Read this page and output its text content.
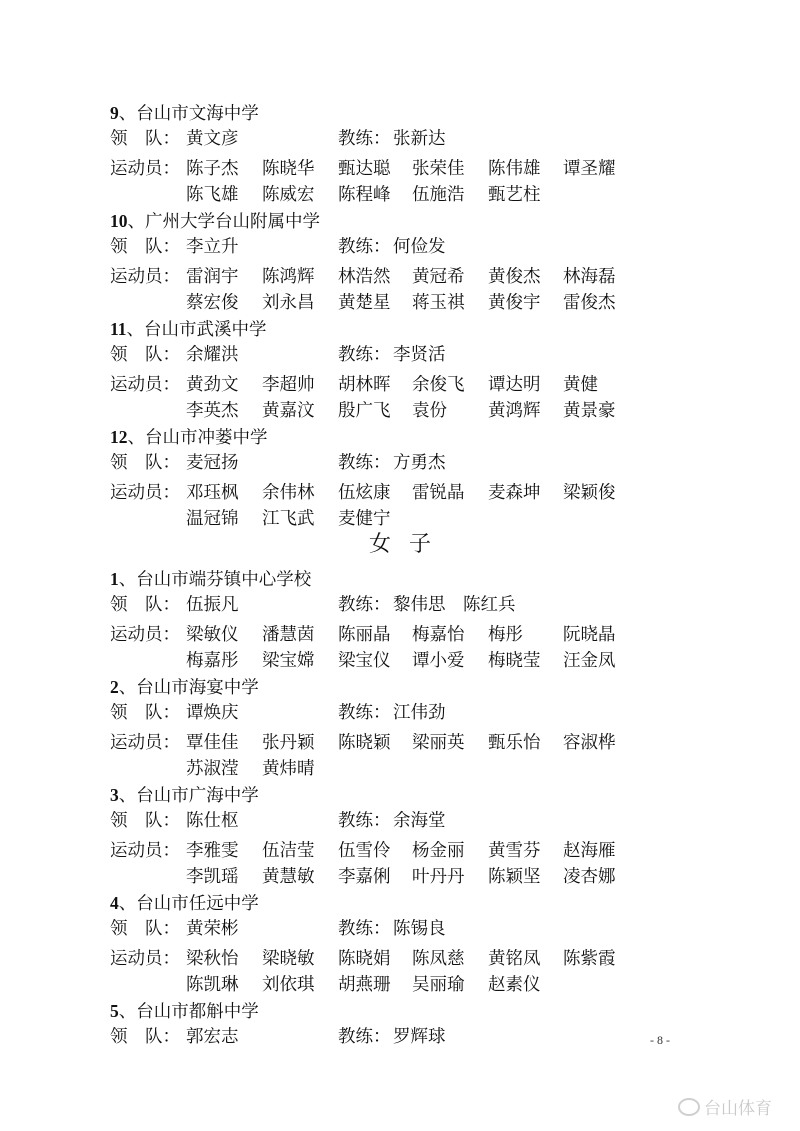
9、台山市文海中学
领　队： 黄文彦	教练： 张新达
运动员： 陈子杰 陈晓华 甄达聪 张荣佳 陈伟雄 谭圣耀
陈飞雄 陈威宏 陈程峰 伍施浩 甄艺柱
10、广州大学台山附属中学
领　队： 李立升	教练： 何俭发
运动员： 雷润宇 陈鸿辉 林浩然 黄冠希 黄俊杰 林海磊
蔡宏俊 刘永昌 黄楚星 蒋玉祺 黄俊宇 雷俊杰
11、台山市武溪中学
领　队： 余耀洪	教练： 李贤活
运动员： 黄劲文 李超帅 胡林晖 余俊飞 谭达明 黄健
李英杰 黄嘉汶 殷广飞 袁份 黄鸿辉 黄景豪
12、台山市冲蒌中学
领　队： 麦冠扬	教练： 方勇杰
运动员： 邓珏枫 余伟林 伍炫康 雷锐晶 麦森坤 梁颖俊
温冠锦 江飞武 麦健宁
女子
1、台山市端芬镇中心学校
领　队： 伍振凡	教练： 黎伟思　陈红兵
运动员： 梁敏仪 潘慧茵 陈丽晶 梅嘉怡 梅彤 阮晓晶
梅嘉彤 梁宝嫦 梁宝仪 谭小爱 梅晓莹 汪金凤
2、台山市海宴中学
领　队： 谭焕庆	教练： 江伟劲
运动员： 覃佳佳 张丹颖 陈晓颖 梁丽英 甄乐怡 容淑桦
苏淑滢 黄炜晴
3、台山市广海中学
领　队： 陈仕枢	教练： 余海堂
运动员： 李雅雯 伍洁莹 伍雪伶 杨金丽 黄雪芬 赵海雁
李凯瑶 黄慧敏 李嘉俐 叶丹丹 陈颖坚 凌杏娜
4、台山市任远中学
领　队： 黄荣彬	教练： 陈锡良
运动员： 梁秋怡 梁晓敏 陈晓娟 陈凤慈 黄铭凤 陈紫霞
陈凯琳 刘依琪 胡燕珊 吴丽瑜 赵素仪
5、台山市都斛中学
领　队： 郭宏志	教练： 罗辉球	- 8 -
台山体育
